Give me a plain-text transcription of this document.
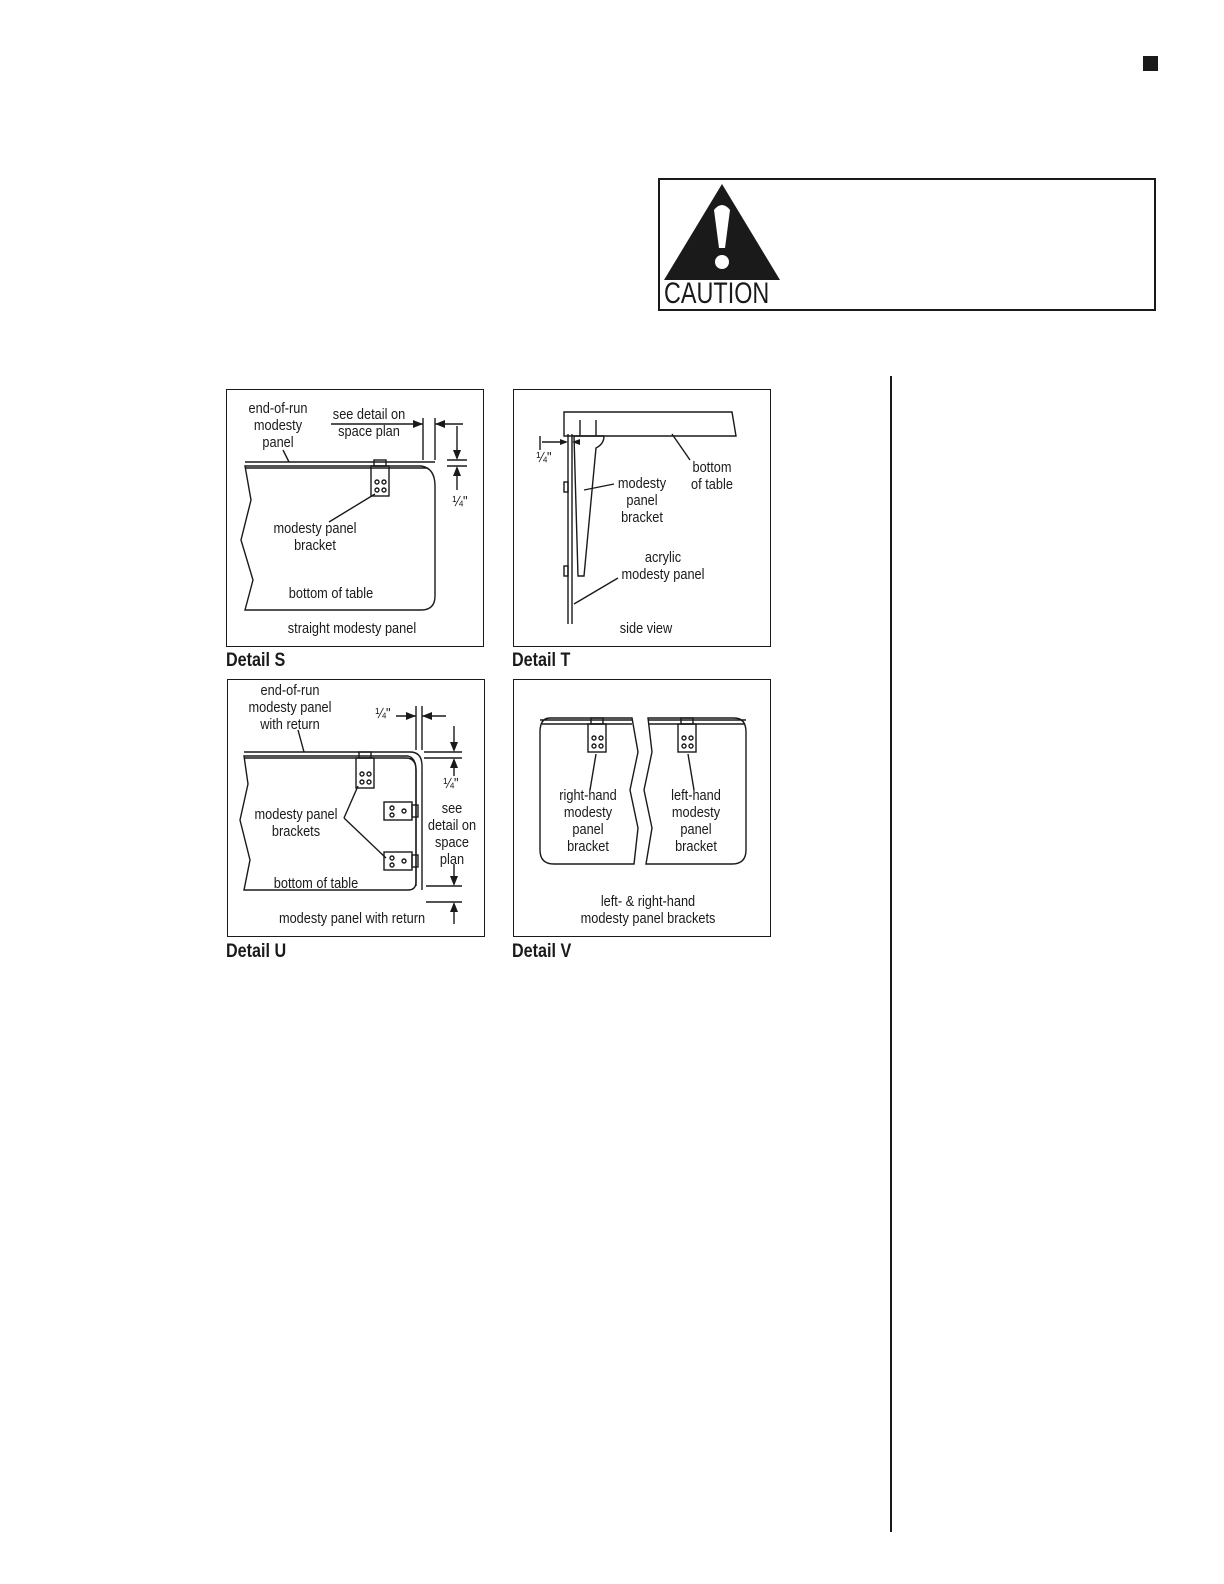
CAUTION
end-of-run
modesty
panel
see detail on
space plan
¼"
modesty panel
bracket
bottom of table
straight modesty panel
Detail S
¼"
bottom
of table
modesty
panel
bracket
acrylic
modesty panel
side view
Detail T
end-of-run
modesty panel
with return
¼"
¼"
modesty panel
brackets
see
detail on
space
plan
bottom of table
modesty panel with return
Detail U
right-hand
modesty
panel
bracket
left-hand
modesty
panel
bracket
left- & right-hand
modesty panel brackets
Detail V
